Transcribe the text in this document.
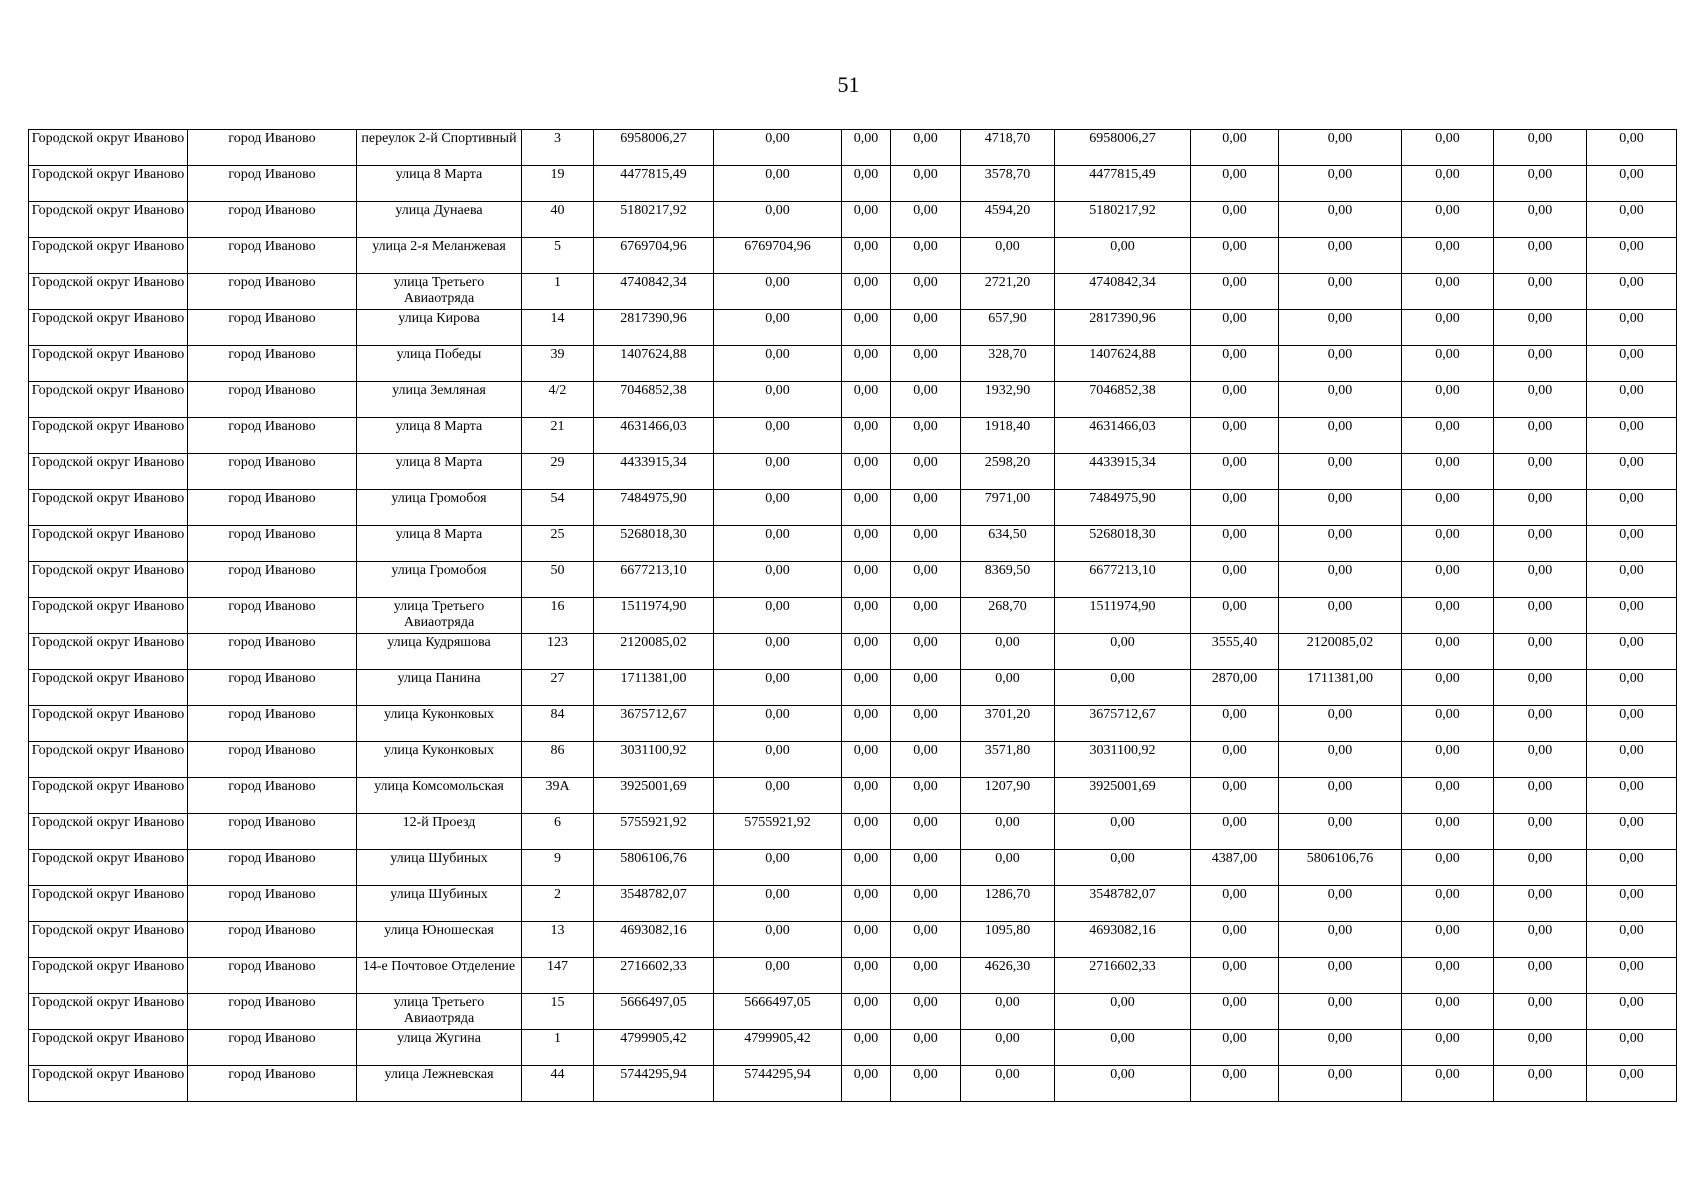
51
Городской округ Иваново	город Иваново	переулок 2-й Спортивный	3	6958006,27	0,00	0,00	0,00	4718,70	6958006,27	0,00	0,00	0,00	0,00	0,00
Городской округ Иваново	город Иваново	улица 8 Марта	19	4477815,49	0,00	0,00	0,00	3578,70	4477815,49	0,00	0,00	0,00	0,00	0,00
Городской округ Иваново	город Иваново	улица Дунаева	40	5180217,92	0,00	0,00	0,00	4594,20	5180217,92	0,00	0,00	0,00	0,00	0,00
Городской округ Иваново	город Иваново	улица 2-я Меланжевая	5	6769704,96	6769704,96	0,00	0,00	0,00	0,00	0,00	0,00	0,00	0,00	0,00
Городской округ Иваново	город Иваново	улица Третьего Авиаотряда	1	4740842,34	0,00	0,00	0,00	2721,20	4740842,34	0,00	0,00	0,00	0,00	0,00
Городской округ Иваново	город Иваново	улица Кирова	14	2817390,96	0,00	0,00	0,00	657,90	2817390,96	0,00	0,00	0,00	0,00	0,00
Городской округ Иваново	город Иваново	улица Победы	39	1407624,88	0,00	0,00	0,00	328,70	1407624,88	0,00	0,00	0,00	0,00	0,00
Городской округ Иваново	город Иваново	улица Земляная	4/2	7046852,38	0,00	0,00	0,00	1932,90	7046852,38	0,00	0,00	0,00	0,00	0,00
Городской округ Иваново	город Иваново	улица 8 Марта	21	4631466,03	0,00	0,00	0,00	1918,40	4631466,03	0,00	0,00	0,00	0,00	0,00
Городской округ Иваново	город Иваново	улица 8 Марта	29	4433915,34	0,00	0,00	0,00	2598,20	4433915,34	0,00	0,00	0,00	0,00	0,00
Городской округ Иваново	город Иваново	улица Громобоя	54	7484975,90	0,00	0,00	0,00	7971,00	7484975,90	0,00	0,00	0,00	0,00	0,00
Городской округ Иваново	город Иваново	улица 8 Марта	25	5268018,30	0,00	0,00	0,00	634,50	5268018,30	0,00	0,00	0,00	0,00	0,00
Городской округ Иваново	город Иваново	улица Громобоя	50	6677213,10	0,00	0,00	0,00	8369,50	6677213,10	0,00	0,00	0,00	0,00	0,00
Городской округ Иваново	город Иваново	улица Третьего Авиаотряда	16	1511974,90	0,00	0,00	0,00	268,70	1511974,90	0,00	0,00	0,00	0,00	0,00
Городской округ Иваново	город Иваново	улица Кудряшова	123	2120085,02	0,00	0,00	0,00	0,00	0,00	3555,40	2120085,02	0,00	0,00	0,00
Городской округ Иваново	город Иваново	улица Панина	27	1711381,00	0,00	0,00	0,00	0,00	0,00	2870,00	1711381,00	0,00	0,00	0,00
Городской округ Иваново	город Иваново	улица Куконковых	84	3675712,67	0,00	0,00	0,00	3701,20	3675712,67	0,00	0,00	0,00	0,00	0,00
Городской округ Иваново	город Иваново	улица Куконковых	86	3031100,92	0,00	0,00	0,00	3571,80	3031100,92	0,00	0,00	0,00	0,00	0,00
Городской округ Иваново	город Иваново	улица Комсомольская	39А	3925001,69	0,00	0,00	0,00	1207,90	3925001,69	0,00	0,00	0,00	0,00	0,00
Городской округ Иваново	город Иваново	12-й Проезд	6	5755921,92	5755921,92	0,00	0,00	0,00	0,00	0,00	0,00	0,00	0,00	0,00
Городской округ Иваново	город Иваново	улица Шубиных	9	5806106,76	0,00	0,00	0,00	0,00	0,00	4387,00	5806106,76	0,00	0,00	0,00
Городской округ Иваново	город Иваново	улица Шубиных	2	3548782,07	0,00	0,00	0,00	1286,70	3548782,07	0,00	0,00	0,00	0,00	0,00
Городской округ Иваново	город Иваново	улица Юношеская	13	4693082,16	0,00	0,00	0,00	1095,80	4693082,16	0,00	0,00	0,00	0,00	0,00
Городской округ Иваново	город Иваново	14-е Почтовое Отделение	147	2716602,33	0,00	0,00	0,00	4626,30	2716602,33	0,00	0,00	0,00	0,00	0,00
Городской округ Иваново	город Иваново	улица Третьего Авиаотряда	15	5666497,05	5666497,05	0,00	0,00	0,00	0,00	0,00	0,00	0,00	0,00	0,00
Городской округ Иваново	город Иваново	улица Жугина	1	4799905,42	4799905,42	0,00	0,00	0,00	0,00	0,00	0,00	0,00	0,00	0,00
Городской округ Иваново	город Иваново	улица Лежневская	44	5744295,94	5744295,94	0,00	0,00	0,00	0,00	0,00	0,00	0,00	0,00	0,00
